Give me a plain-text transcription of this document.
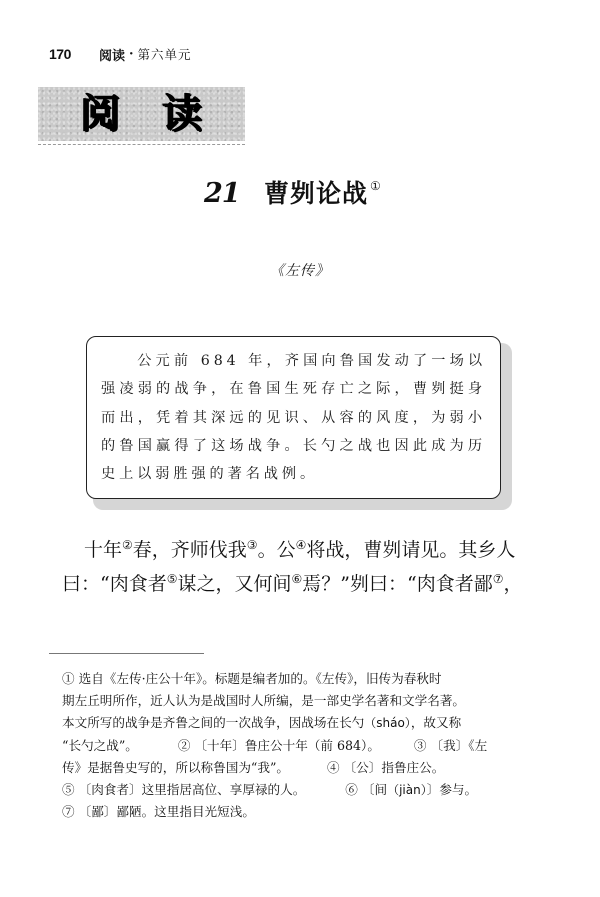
170	阅读 · 第六单元
阅读
21 曹刿论战 ①
《左传》

公元前 684 年，齐国向鲁国发动了一场以强凌弱的战争，在鲁国生死存亡之际，曹刿挺身而出，凭着其深远的见识、从容的风度，为弱小的鲁国赢得了这场战争。长勺之战也因此成为历史上以弱胜强的著名战例。

十年②春，齐师伐我③。公④将战，曹刿请见。其乡人
曰：“肉食者⑤谋之，又何间⑥焉？”刿曰：“肉食者鄙⑦，
① 选自《左传·庄公十年》。标题是编者加的。《左传》，旧传为春秋时
期左丘明所作，近人认为是战国时人所编，是一部史学名著和文学名著。
本文所写的战争是齐鲁之间的一次战争，因战场在长勺（sháo），故又称
“长勺之战”。	② 〔十年〕鲁庄公十年（前 684）。	③ 〔我〕《左
传》是据鲁史写的，所以称鲁国为“我”。	④ 〔公〕指鲁庄公。
⑤ 〔肉食者〕这里指居高位、享厚禄的人。	⑥ 〔间（jiàn）〕参与。
⑦ 〔鄙〕鄙陋。这里指目光短浅。
